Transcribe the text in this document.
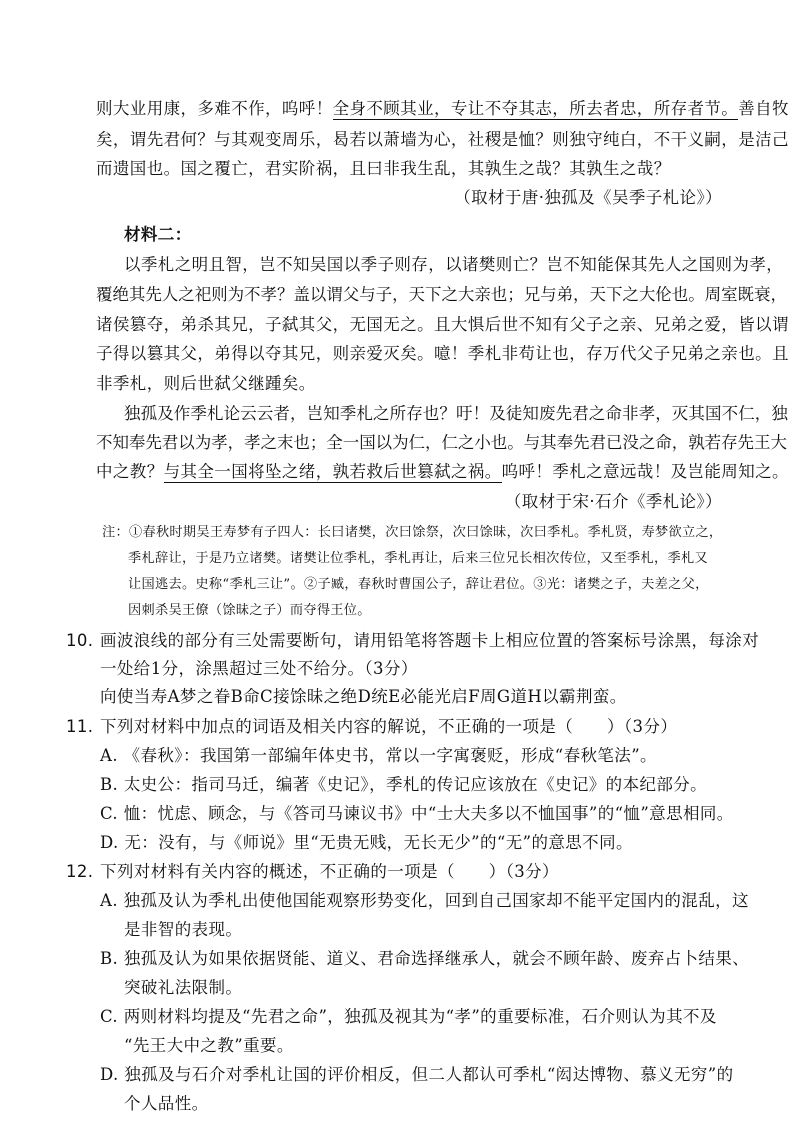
则大业用康，多难不作，呜呼！全身不顾其业，专让不夺其志，所去者忠，所存者节。善自牧
矣，谓先君何？与其观变周乐，曷若以萧墙为心，社稷是恤？则独守纯白，不干义嗣，是洁己
而遗国也。国之覆亡，君实阶祸，且曰非我生乱，其孰生之哉？其孰生之哉？
（取材于唐·独孤及《吴季子札论》）
材料二：
以季札之明且智，岂不知吴国以季子则存，以诸樊则亡？岂不知能保其先人之国则为孝，
覆绝其先人之祀则为不孝？盖以谓父与子，天下之大亲也；兄与弟，天下之大伦也。周室既衰，
诸侯篡夺，弟杀其兄，子弑其父，无国无之。且大惧后世不知有父子之亲、兄弟之爱，皆以谓
子得以篡其父，弟得以夺其兄，则亲爱灭矣。噫！季札非苟让也，存万代父子兄弟之亲也。且
非季札，则后世弑父继踵矣。
独孤及作季札论云云者，岂知季札之所存也？吁！及徒知废先君之命非孝，灭其国不仁，独
不知奉先君以为孝，孝之末也；全一国以为仁，仁之小也。与其奉先君已没之命，孰若存先王大
中之教？与其全一国将坠之绪，孰若救后世篡弑之祸。呜呼！季札之意远哉！及岂能周知之。
（取材于宋·石介《季札论》）
注：①春秋时期吴王寿梦有子四人：长曰诸樊，次曰馀祭，次曰馀昧，次曰季札。季札贤，寿梦欲立之，
季札辞让，于是乃立诸樊。诸樊让位季札，季札再让，后来三位兄长相次传位，又至季札，季札又
让国逃去。史称“季札三让”。②子臧，春秋时曹国公子，辞让君位。③光：诸樊之子，夫差之父，
因刺杀吴王僚（馀昧之子）而夺得王位。
10. 画波浪线的部分有三处需要断句，请用铅笔将答题卡上相应位置的答案标号涂黑，每涂对
一处给1分，涂黑超过三处不给分。（3分）
向使当寿A梦之眷B命C接馀昧之绝D统E必能光启F周G道H以霸荆蛮。
11. 下列对材料中加点的词语及相关内容的解说，不正确的一项是（　　）（3分）
A. 《春秋》：我国第一部编年体史书，常以一字寓褒贬，形成“春秋笔法”。
B. 太史公：指司马迁，编著《史记》，季札的传记应该放在《史记》的本纪部分。
C. 恤：忧虑、顾念，与《答司马谏议书》中“士大夫多以不恤国事”的“恤”意思相同。
D. 无：没有，与《师说》里“无贵无贱，无长无少”的“无”的意思不同。
12. 下列对材料有关内容的概述，不正确的一项是（　　）（3分）
A. 独孤及认为季札出使他国能观察形势变化，回到自己国家却不能平定国内的混乱，这
是非智的表现。
B. 独孤及认为如果依据贤能、道义、君命选择继承人，就会不顾年龄、废弃占卜结果、
突破礼法限制。
C. 两则材料均提及“先君之命”，独孤及视其为“孝”的重要标准，石介则认为其不及
“先王大中之教”重要。
D. 独孤及与石介对季札让国的评价相反，但二人都认可季札“闳达博物、慕义无穷”的
个人品性。
